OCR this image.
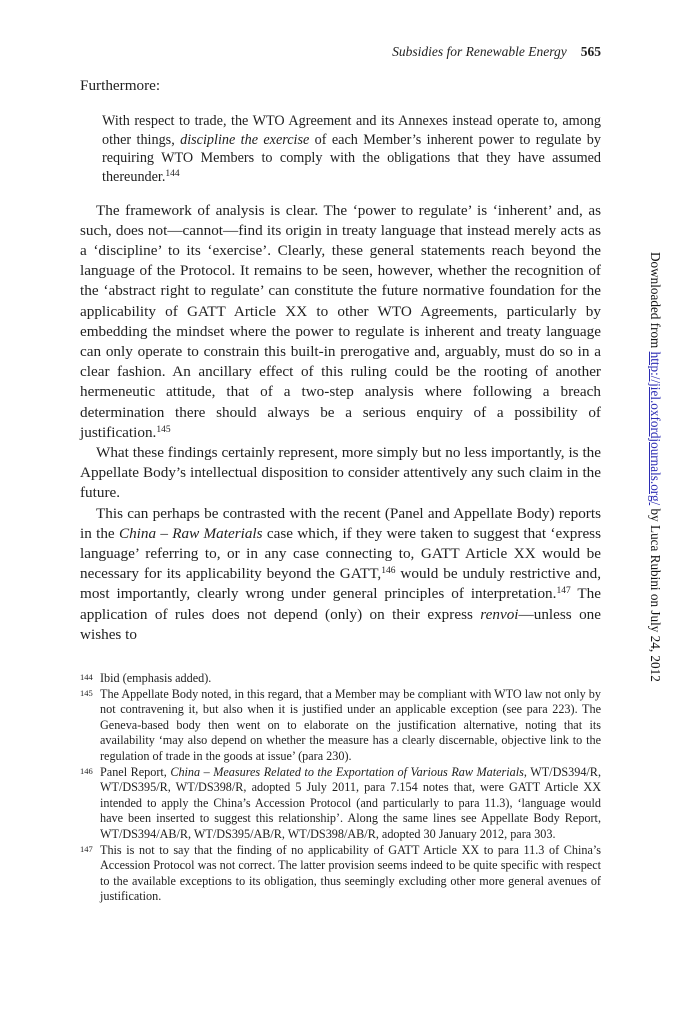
Subsidies for Renewable Energy 565

Furthermore:

With respect to trade, the WTO Agreement and its Annexes instead operate to, among other things, discipline the exercise of each Member’s inherent power to regulate by requiring WTO Members to comply with the obligations that they have assumed thereunder.$^{144}$

The framework of analysis is clear. The ‘power to regulate’ is ‘inherent’ and, as such, does not—cannot—find its origin in treaty language that instead merely acts as a ‘discipline’ to its ‘exercise’. Clearly, these general statements reach beyond the language of the Protocol. It remains to be seen, however, whether the recognition of the ‘abstract right to regulate’ can constitute the future normative foundation for the applicability of GATT Article XX to other WTO Agreements, particularly by embedding the mindset where the power to regulate is inherent and treaty language can only operate to constrain this built-in prerogative and, arguably, must do so in a clear fashion. An ancillary effect of this ruling could be the rooting of another hermeneutic attitude, that of a two-step analysis where following a breach determination there should always be a serious enquiry of a possibility of justification.$^{145}$

What these findings certainly represent, more simply but no less importantly, is the Appellate Body’s intellectual disposition to consider attentively any such claim in the future.

This can perhaps be contrasted with the recent (Panel and Appellate Body) reports in the China – Raw Materials case which, if they were taken to suggest that ‘express language’ referring to, or in any case connecting to, GATT Article XX would be necessary for its applicability beyond the GATT,$^{146}$ would be unduly restrictive and, most importantly, clearly wrong under general principles of interpretation.$^{147}$ The application of rules does not depend (only) on their express renvoi—unless one wishes to

144 Ibid (emphasis added).

145 The Appellate Body noted, in this regard, that a Member may be compliant with WTO law not only by not contravening it, but also when it is justified under an applicable exception (see para 223). The Geneva-based body then went on to elaborate on the justification alternative, noting that its availability ‘may also depend on whether the measure has a clearly discernable, objective link to the regulation of trade in the goods at issue’ (para 230).

146 Panel Report, China – Measures Related to the Exportation of Various Raw Materials, WT/DS394/R, WT/DS395/R, WT/DS398/R, adopted 5 July 2011, para 7.154 notes that, were GATT Article XX intended to apply the China’s Accession Protocol (and particularly to para 11.3), ‘language would have been inserted to suggest this relationship’. Along the same lines see Appellate Body Report, WT/DS394/AB/R, WT/DS395/AB/R, WT/DS398/AB/R, adopted 30 January 2012, para 303.

147 This is not to say that the finding of no applicability of GATT Article XX to para 11.3 of China’s Accession Protocol was not correct. The latter provision seems indeed to be quite specific with respect to the available exceptions to its obligation, thus seemingly excluding other more general avenues of justification.

Downloaded from http://jiel.oxfordjournals.org/ by Luca Rubini on July 24, 2012
